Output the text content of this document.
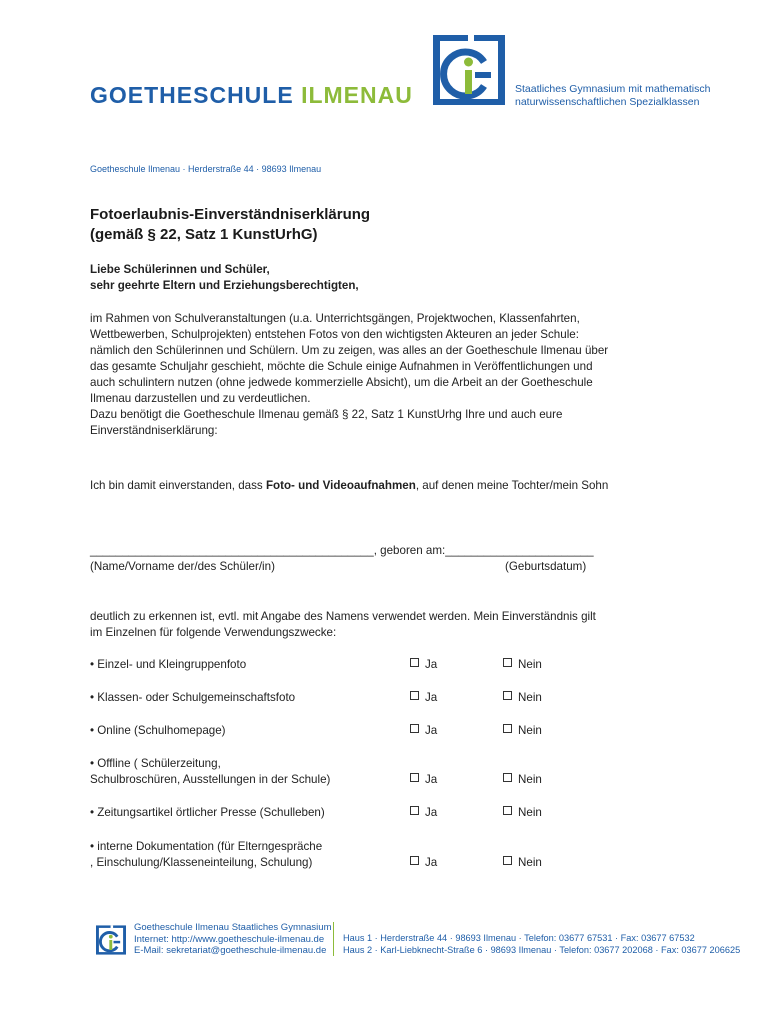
GOETHESCHULE ILMENAU	Staatliches Gymnasium mit mathematisch
naturwissenschaftlichen Spezialklassen
Goetheschule Ilmenau · Herderstraße 44 · 98693 Ilmenau
Fotoerlaubnis-Einverständniserklärung
(gemäß § 22, Satz 1 KunstUrhG)
Liebe Schülerinnen und Schüler,
sehr geehrte Eltern und Erziehungsberechtigten,
im Rahmen von Schulveranstaltungen (u.a. Unterrichtsgängen, Projektwochen, Klassenfahrten,
Wettbewerben, Schulprojekten) entstehen Fotos von den wichtigsten Akteuren an jeder Schule:
nämlich den Schülerinnen und Schülern. Um zu zeigen, was alles an der Goetheschule Ilmenau über
das gesamte Schuljahr geschieht, möchte die Schule einige Aufnahmen in Veröffentlichungen und
auch schulintern nutzen (ohne jedwede kommerzielle Absicht), um die Arbeit an der Goetheschule
Ilmenau darzustellen und zu verdeutlichen.
Dazu benötigt die Goetheschule Ilmenau gemäß § 22, Satz 1 KunstUrhg Ihre und auch eure
Einverständniserklärung:
Ich bin damit einverstanden, dass Foto- und Videoaufnahmen, auf denen meine Tochter/mein Sohn
____________________________________________, geboren am:_______________________
(Name/Vorname der/des Schüler/in)	(Geburtsdatum)
deutlich zu erkennen ist, evtl. mit Angabe des Namens verwendet werden. Mein Einverständnis gilt
im Einzelnen für folgende Verwendungszwecke:
• Einzel- und Kleingruppenfoto	Ja	Nein
• Klassen- oder Schulgemeinschaftsfoto	Ja	Nein
• Online (Schulhomepage)	Ja	Nein
• Offline ( Schülerzeitung,
Schulbroschüren, Ausstellungen in der Schule)	Ja	Nein
• Zeitungsartikel örtlicher Presse (Schulleben)	Ja	Nein
• interne Dokumentation (für Elterngespräche
, Einschulung/Klasseneinteilung, Schulung)	Ja	Nein
Goetheschule Ilmenau Staatliches Gymnasium
Internet: http://www.goetheschule-ilmenau.de
E-Mail: sekretariat@goetheschule-ilmenau.de
Haus 1 · Herderstraße 44 · 98693 Ilmenau · Telefon: 03677 67531 · Fax: 03677 67532
Haus 2 · Karl-Liebknecht-Straße 6 · 98693 Ilmenau · Telefon: 03677 202068 · Fax: 03677 206625
